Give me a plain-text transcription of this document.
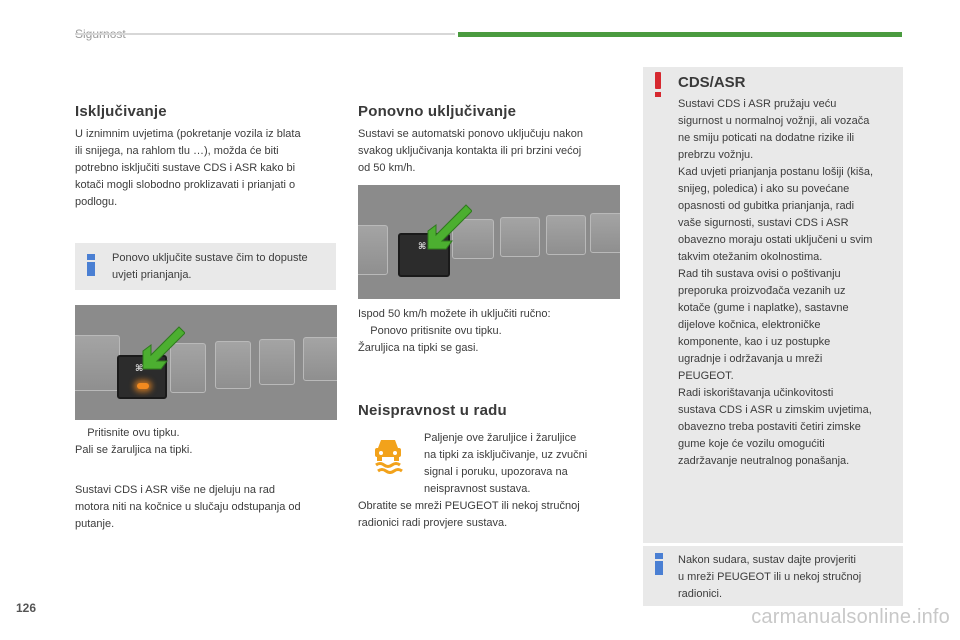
Isključivanje
U iznimnim uvjetima (pokretanje vozila iz blata
ili snijega, na rahlom tlu …), možda će biti
potrebno isključiti sustave CDS i ASR kako bi
kotači mogli slobodno proklizavati i prianjati o
podlogu.
Ponovo uključite sustave čim to dopuste
uvjeti prianjanja.
⌘
Pritisnite ovu tipku.
Pali se žaruljica na tipki.
Sustavi CDS i ASR više ne djeluju na rad
motora niti na kočnice u slučaju odstupanja od
putanje.
Ponovno uključivanje
Sustavi se automatski ponovo uključuju nakon
svakog uključivanja kontakta ili pri brzini većoj
od 50 km/h.
⌘
Ispod 50 km/h možete ih uključiti ručno:
Ponovo pritisnite ovu tipku.
Žaruljica na tipki se gasi.
Neispravnost u radu
Paljenje ove žaruljice i žaruljice
na tipki za isključivanje, uz zvučni
signal i poruku, upozorava na
neispravnost sustava.
Obratite se mreži PEUGEOT ili nekoj stručnoj
radionici radi provjere sustava.
CDS/ASR
Sustavi CDS i ASR pružaju veću
sigurnost u normalnoj vožnji, ali vozača
ne smiju poticati na dodatne rizike ili
prebrzu vožnju.
Kad uvjeti prianjanja postanu lošiji (kiša,
snijeg, poledica) i ako su povećane
opasnosti od gubitka prianjanja, radi
vaše sigurnosti, sustavi CDS i ASR
obavezno moraju ostati uključeni u svim
takvim otežanim okolnostima.
Rad tih sustava ovisi o poštivanju
preporuka proizvođača vezanih uz
kotače (gume i naplatke), sastavne
dijelove kočnica, elektroničke
komponente, kao i uz postupke
ugradnje i održavanja u mreži
PEUGEOT.
Radi iskorištavanja učinkovitosti
sustava CDS i ASR u zimskim uvjetima,
obavezno treba postaviti četiri zimske
gume koje će vozilu omogućiti
zadržavanje neutralnog ponašanja.
Nakon sudara, sustav dajte provjeriti
u mreži PEUGEOT ili u nekoj stručnoj
radionici.
126	carmanualsonline.info
